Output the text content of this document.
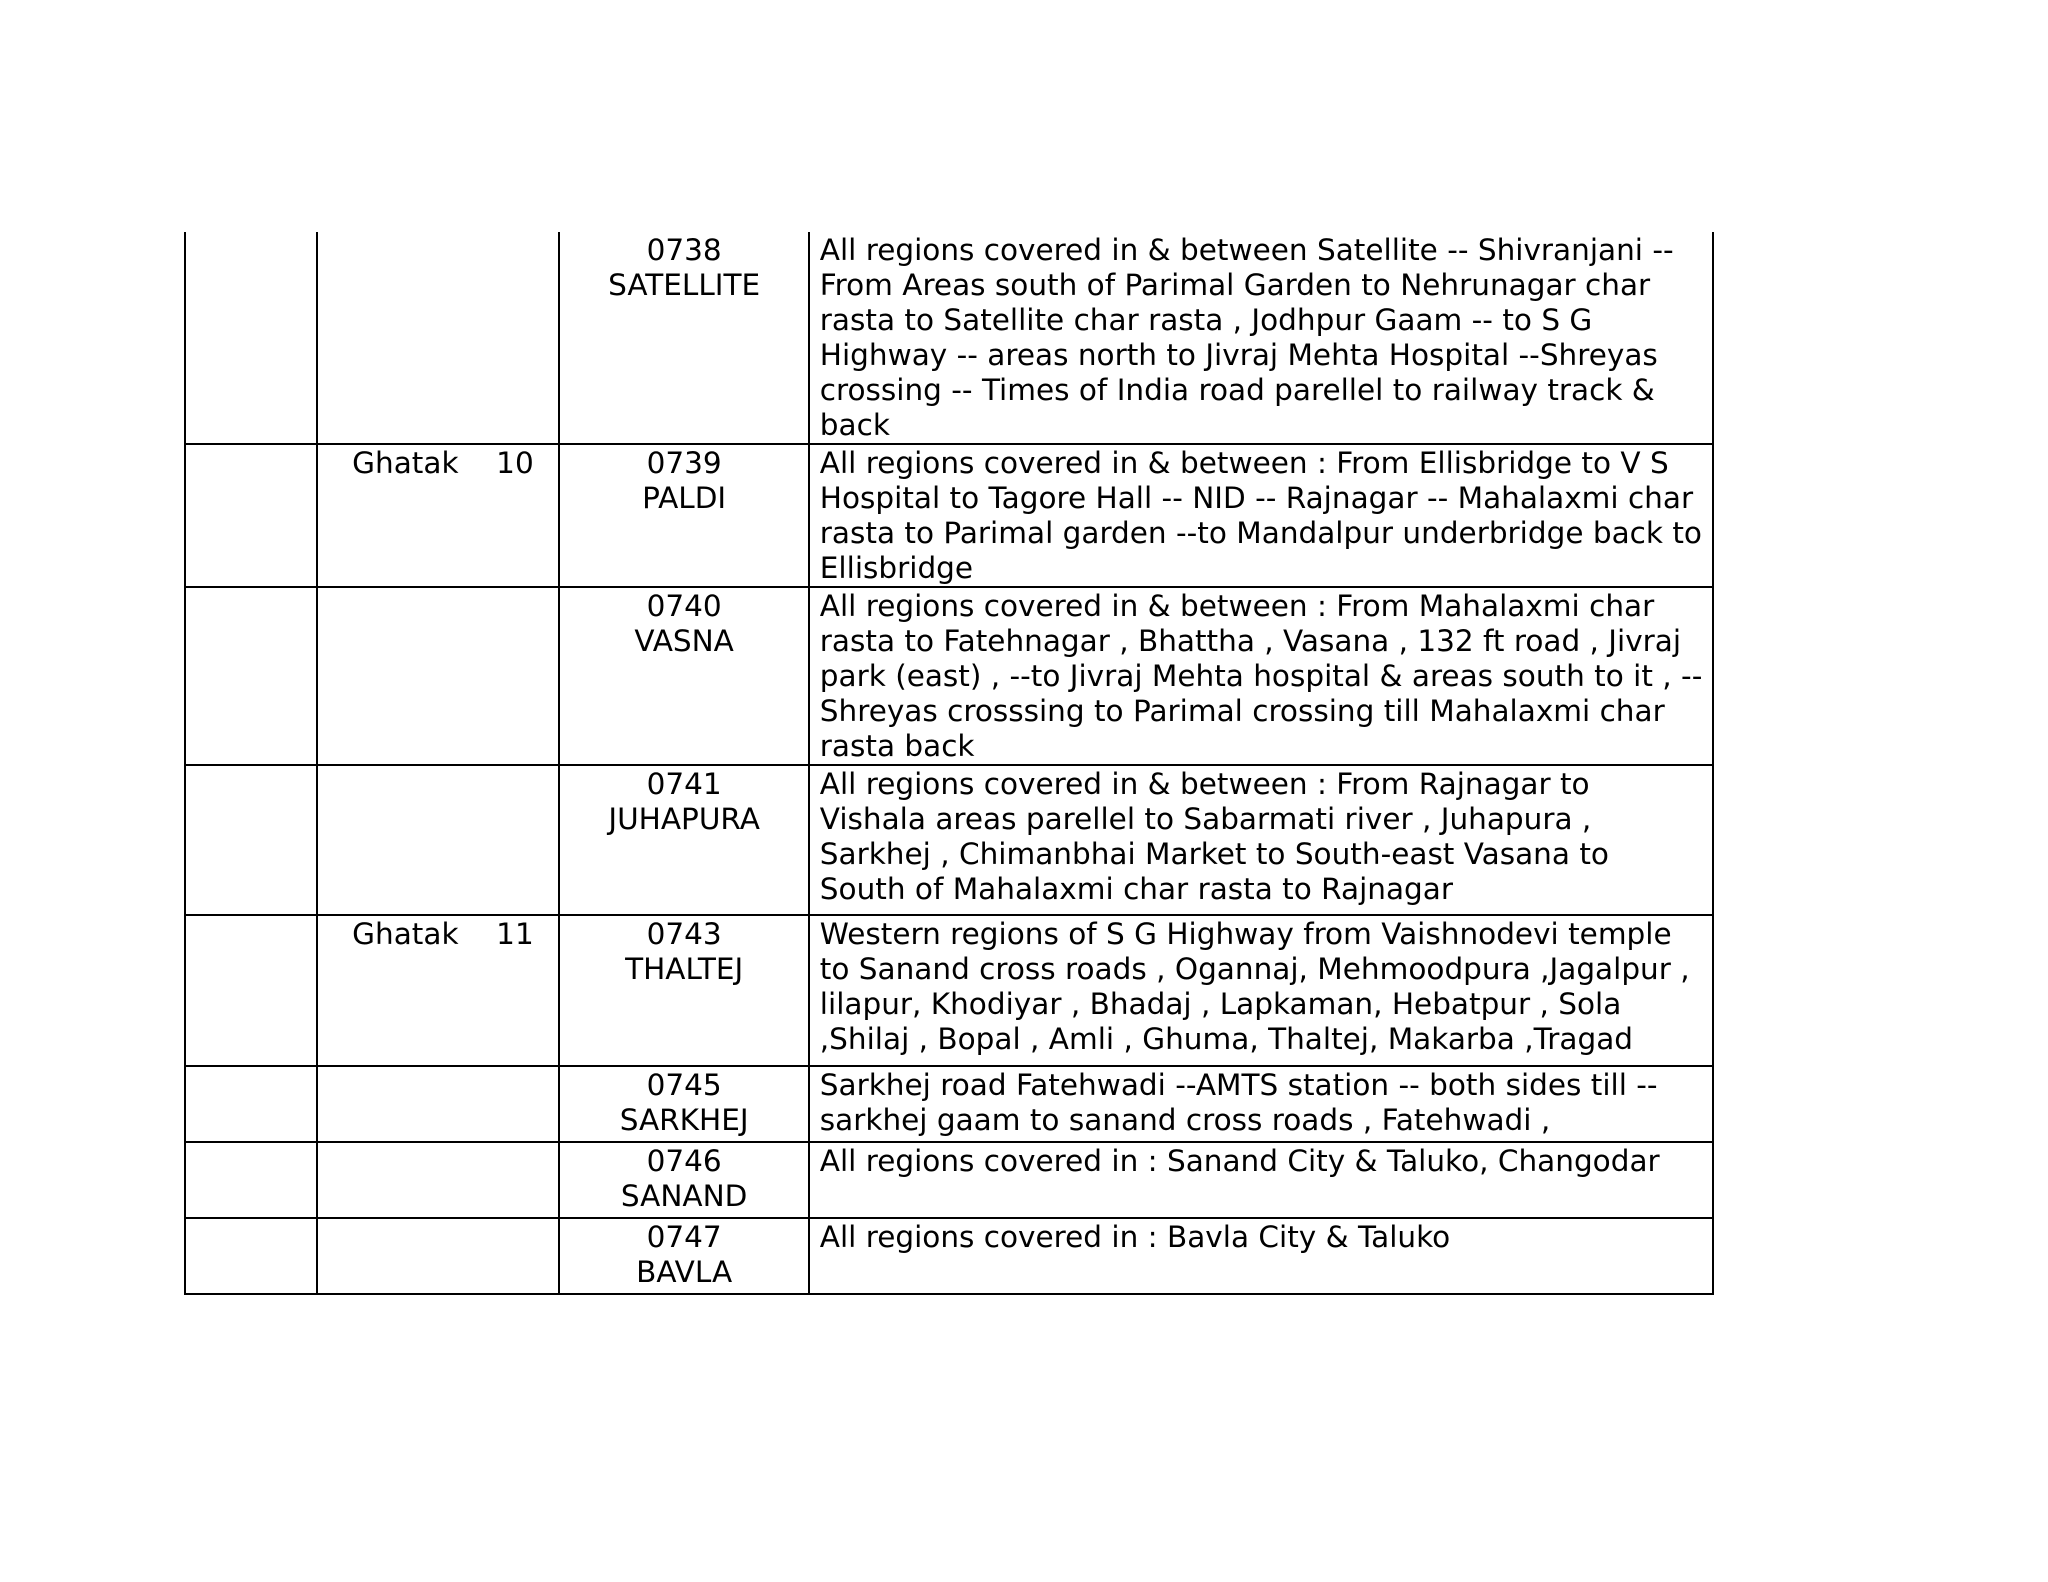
		0738
SATELLITE	All regions covered in & between Satellite -- Shivranjani -- From Areas south of Parimal Garden to Nehrunagar char rasta to Satellite char rasta , Jodhpur Gaam -- to S G Highway -- areas north to Jivraj Mehta Hospital --Shreyas crossing -- Times of India road parellel to railway track & back
	Ghatak 10	0739
PALDI	All regions covered in & between : From Ellisbridge to V S Hospital to Tagore Hall -- NID -- Rajnagar -- Mahalaxmi char rasta to Parimal garden --to Mandalpur underbridge back to Ellisbridge

		0740
VASNA	All regions covered in & between : From Mahalaxmi char rasta to Fatehnagar , Bhattha , Vasana , 132 ft road , Jivraj park (east) , --to Jivraj Mehta hospital & areas south to it , -- Shreyas crosssing to Parimal crossing till Mahalaxmi char rasta back

		0741
JUHAPURA	All regions covered in & between : From Rajnagar to Vishala areas parellel to Sabarmati river , Juhapura , Sarkhej , Chimanbhai Market to South-east Vasana to South of Mahalaxmi char rasta to Rajnagar
	Ghatak 11	0743
THALTEJ	Western regions of S G Highway from Vaishnodevi temple to Sanand cross roads , Ogannaj, Mehmoodpura ,Jagalpur , lilapur, Khodiyar , Bhadaj , Lapkaman, Hebatpur , Sola ,Shilaj , Bopal , Amli , Ghuma, Thaltej, Makarba ,Tragad

		0745
SARKHEJ	Sarkhej road Fatehwadi --AMTS station -- both sides till -- sarkhej gaam to sanand cross roads , Fatehwadi ,

		0746
SANAND	All regions covered in : Sanand City & Taluko, Changodar

		0747
BAVLA	All regions covered in : Bavla City & Taluko
